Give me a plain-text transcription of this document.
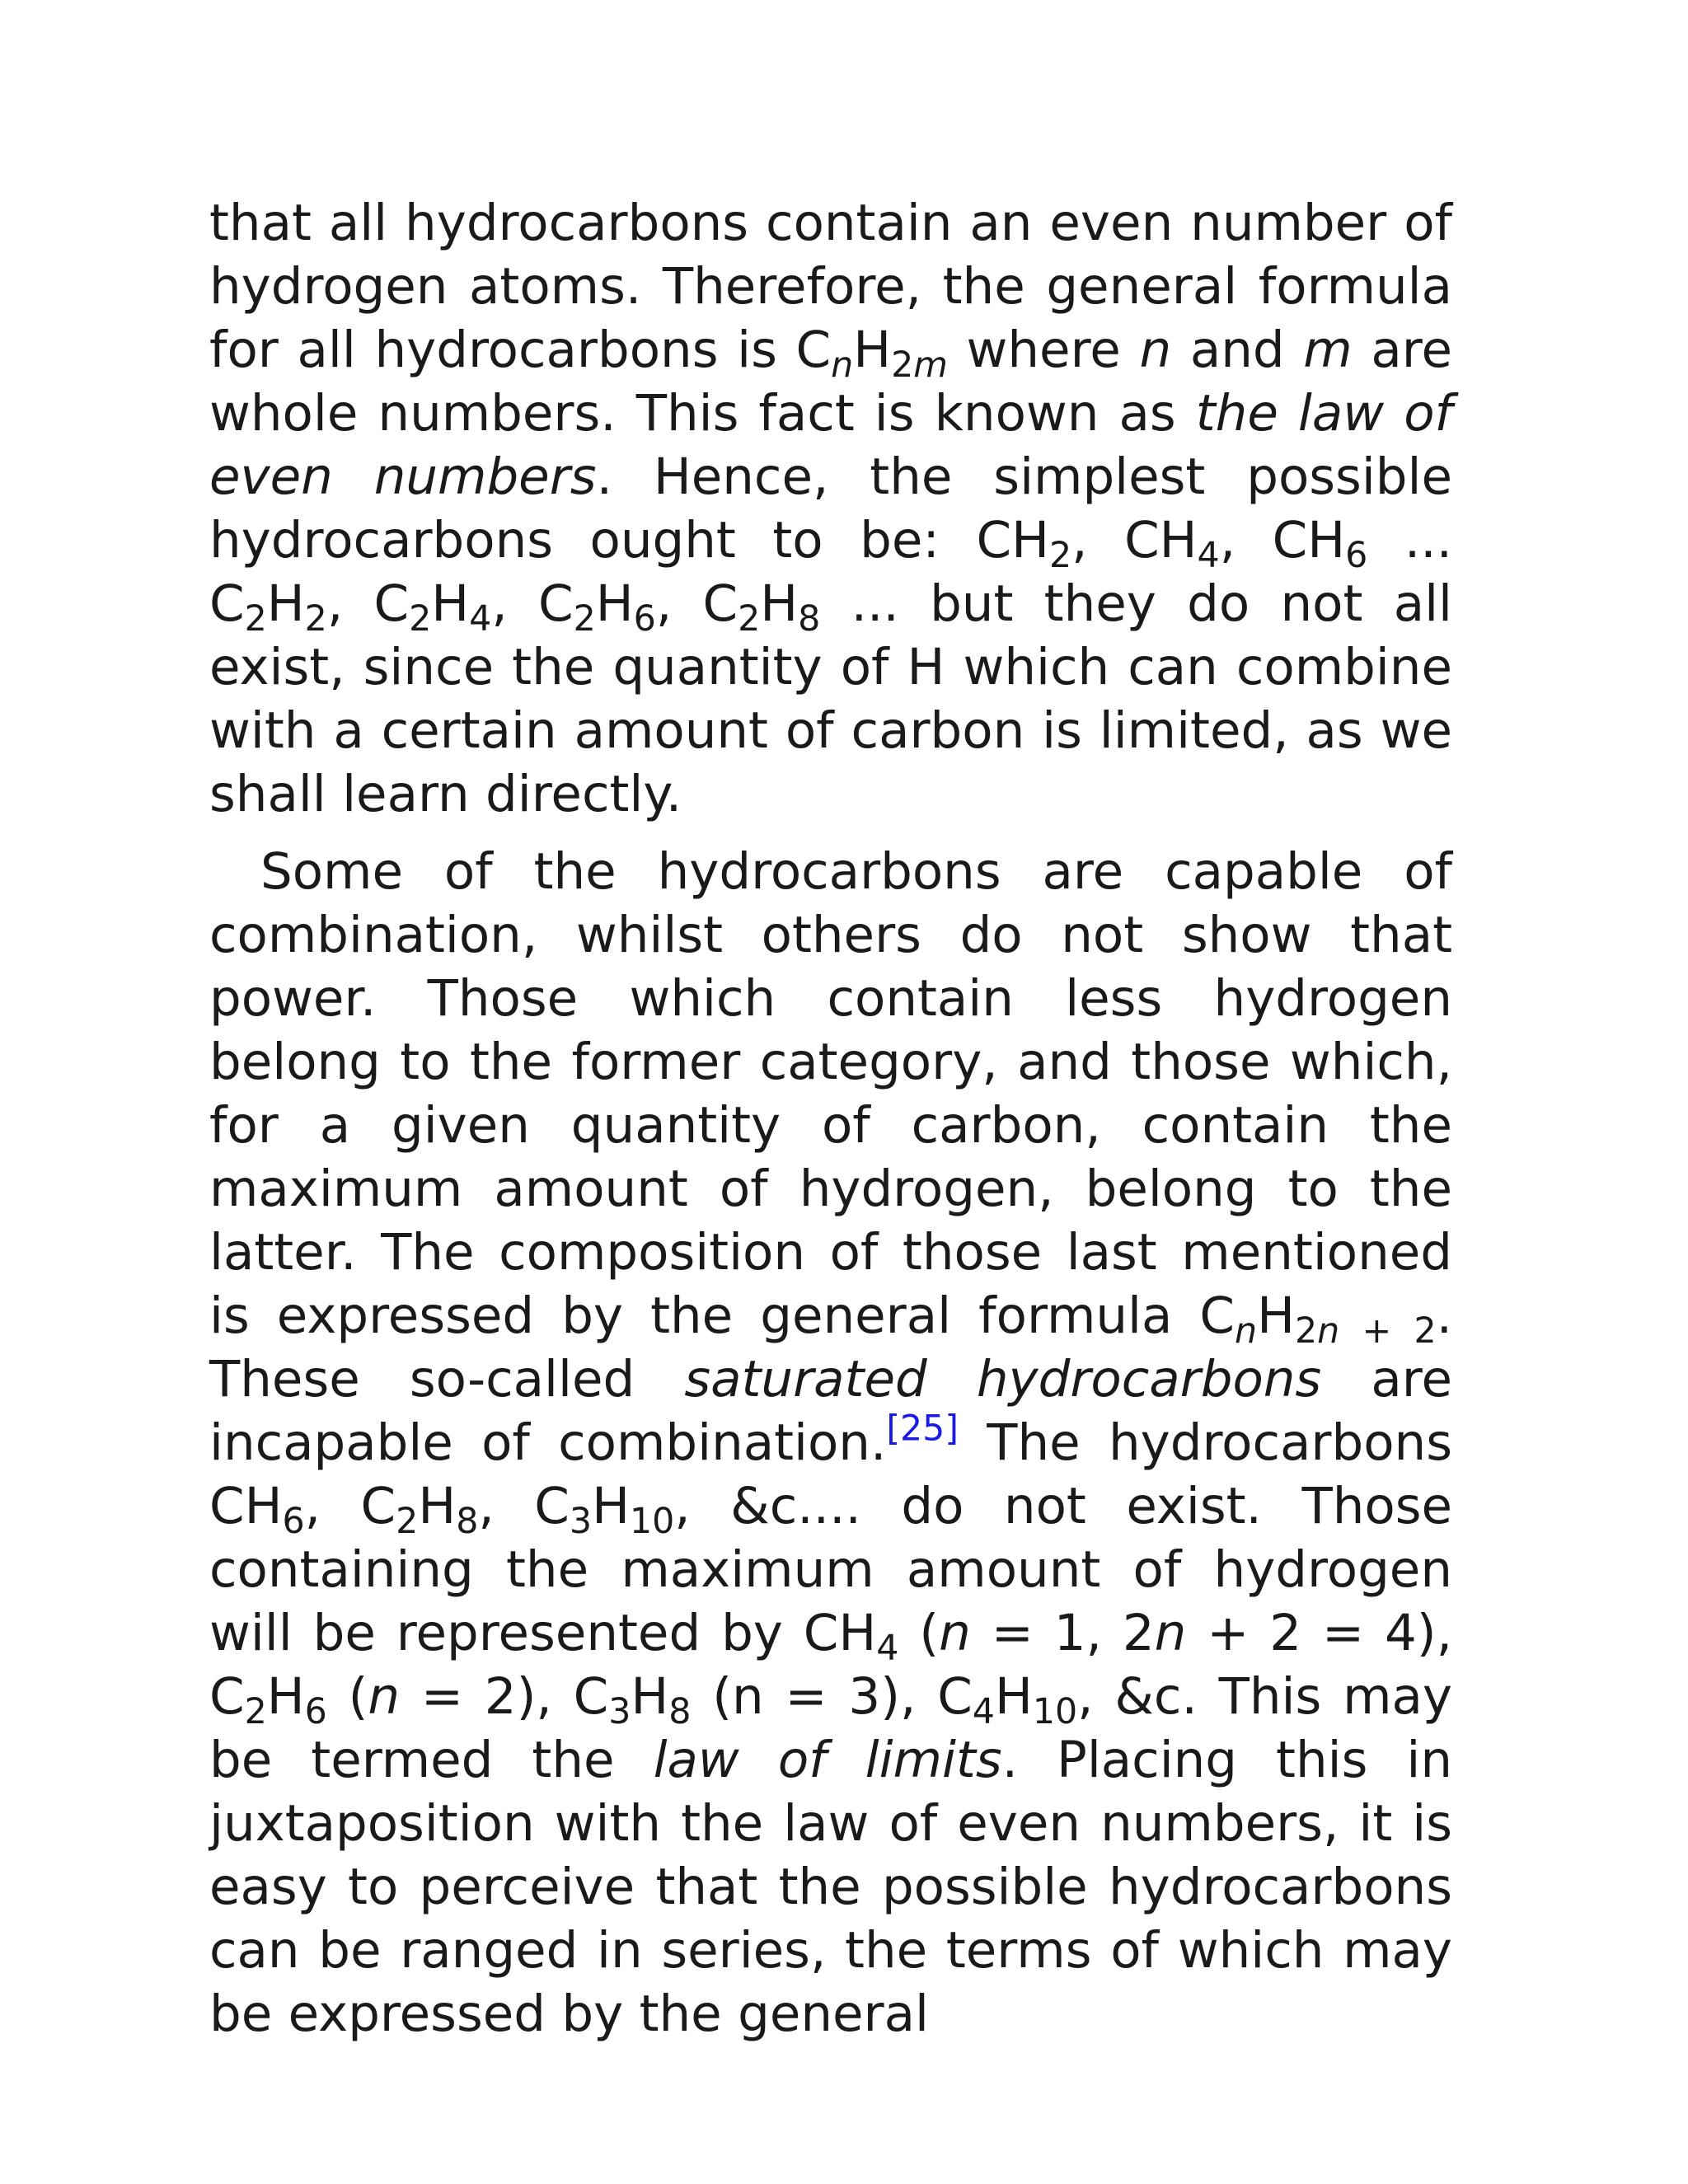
that all hydrocarbons contain an even number of hydrogen atoms. Therefore, the general formula for all hydrocarbons is $C_nH_{2m}$ where n and m are whole numbers. This fact is known as the law of even numbers. Hence, the simplest possible hydrocarbons ought to be: $CH_2$, $CH_4$, $CH_6$ ... $C_2H_2$, $C_2H_4$, $C_2H_6$, $C_2H_8$ ... but they do not all exist, since the quantity of H which can combine with a certain amount of carbon is limited, as we shall learn directly.

Some of the hydrocarbons are capable of combination, whilst others do not show that power. Those which contain less hydrogen belong to the former category, and those which, for a given quantity of carbon, contain the maximum amount of hydrogen, belong to the latter. The composition of those last mentioned is expressed by the general formula $C_nH_{2n}$ $_{+ 2}$. These so-called saturated hydrocarbons are incapable of combination.[25] The hydrocarbons $CH_6$, $C_2H_8$, $C_3H_{10}$, &c.... do not exist. Those containing the maximum amount of hydrogen will be represented by $CH_4$ (n = 1, 2n + 2 = 4), $C_2H_6$ (n = 2), $C_3H_8$ (n = 3), $C_4H_{10}$, &c. This may be termed the law of limits. Placing this in juxtaposition with the law of even numbers, it is easy to perceive that the possible hydrocarbons can be ranged in series, the terms of which may be expressed by the general
